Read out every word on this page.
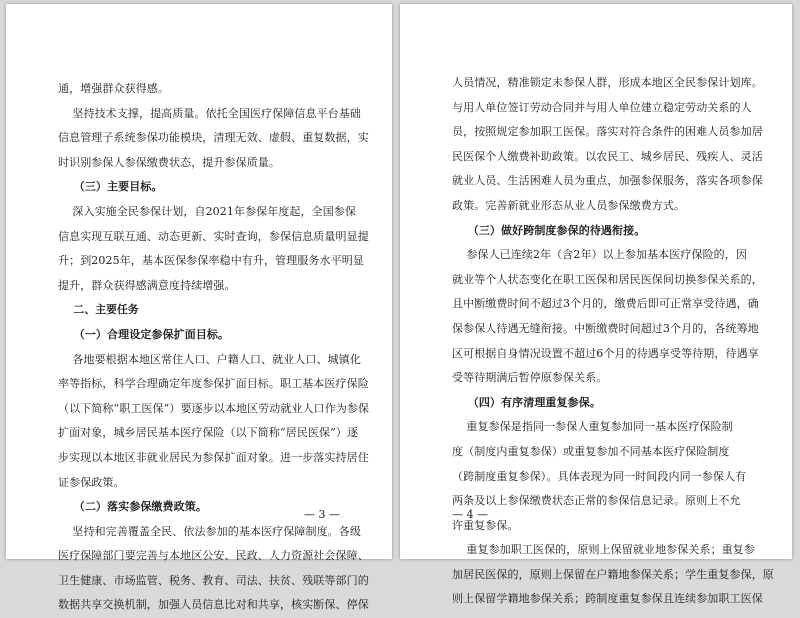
通，增强群众获得感。
坚持技术支撑，提高质量。依托全国医疗保障信息平台基础
信息管理子系统参保功能模块，清理无效、虚假、重复数据，实
时识别参保人参保缴费状态，提升参保质量。
（三）主要目标。
深入实施全民参保计划，自2021年参保年度起，全国参保
信息实现互联互通、动态更新、实时查询，参保信息质量明显提
升；到2025年，基本医保参保率稳中有升，管理服务水平明显
提升，群众获得感满意度持续增强。
二、主要任务
（一）合理设定参保扩面目标。
各地要根据本地区常住人口、户籍人口、就业人口、城镇化
率等指标，科学合理确定年度参保扩面目标。职工基本医疗保险
（以下简称“职工医保”）要逐步以本地区劳动就业人口作为参保
扩面对象，城乡居民基本医疗保险（以下简称“居民医保”）逐
步实现以本地区非就业居民为参保扩面对象。进一步落实持居住
证参保政策。
（二）落实参保缴费政策。
坚持和完善覆盖全民、依法参加的基本医疗保障制度。各级
医疗保障部门要完善与本地区公安、民政、人力资源社会保障、
卫生健康、市场监管、税务、教育、司法、扶贫、残联等部门的
数据共享交换机制，加强人员信息比对和共享，核实断保、停保
— 3 —
人员情况，精准锁定未参保人群，形成本地区全民参保计划库。
与用人单位签订劳动合同并与用人单位建立稳定劳动关系的人
员，按照规定参加职工医保。落实对符合条件的困难人员参加居
民医保个人缴费补助政策。以农民工、城乡居民、残疾人、灵活
就业人员、生活困难人员为重点，加强参保服务，落实各项参保
政策。完善新就业形态从业人员参保缴费方式。
（三）做好跨制度参保的待遇衔接。
参保人已连续2年（含2年）以上参加基本医疗保险的，因
就业等个人状态变化在职工医保和居民医保间切换参保关系的，
且中断缴费时间不超过3个月的，缴费后即可正常享受待遇，确
保参保人待遇无缝衔接。中断缴费时间超过3个月的，各统筹地
区可根据自身情况设置不超过6个月的待遇享受等待期，待遇享
受等待期满后暂停原参保关系。
（四）有序清理重复参保。
重复参保是指同一参保人重复参加同一基本医疗保险制
度（制度内重复参保）或重复参加不同基本医疗保险制度
（跨制度重复参保）。具体表现为同一时间段内同一参保人有
两条及以上参保缴费状态正常的参保信息记录。原则上不允
许重复参保。
重复参加职工医保的，原则上保留就业地参保关系；重复参
加居民医保的，原则上保留在户籍地参保关系；学生重复参保，原
则上保留学籍地参保关系；跨制度重复参保且连续参加职工医保
— 4 —
